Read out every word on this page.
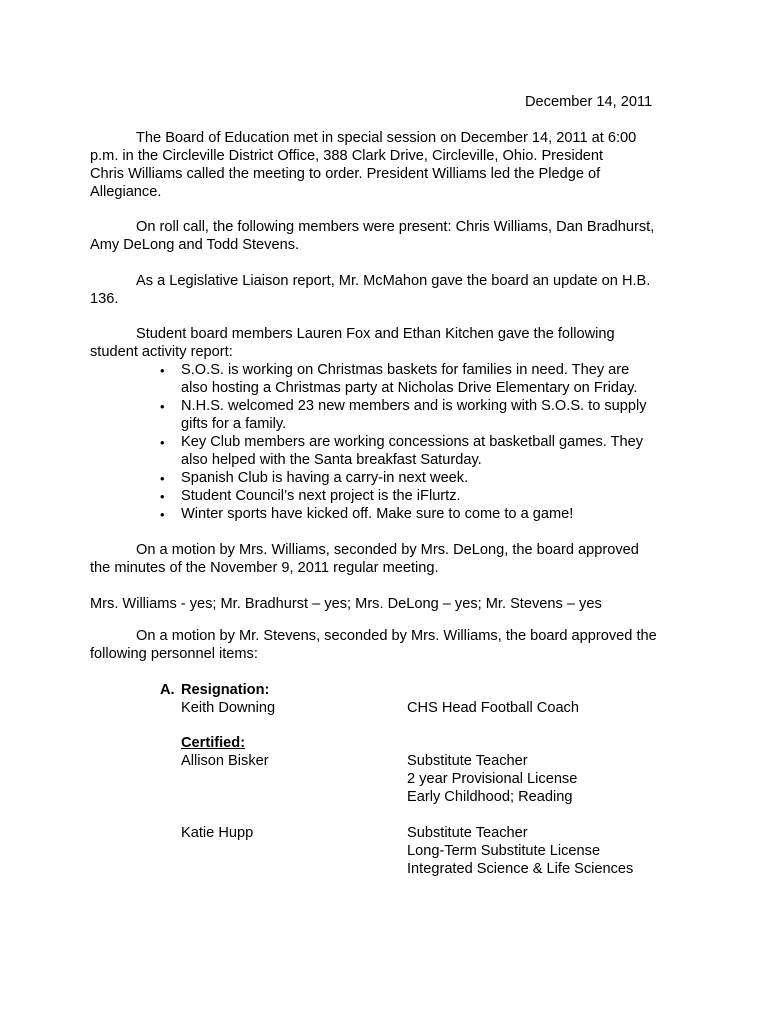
December 14, 2011
The Board of Education met in special session on December 14, 2011 at 6:00
p.m. in the Circleville District Office, 388 Clark Drive, Circleville, Ohio. President
Chris Williams called the meeting to order. President Williams led the Pledge of
Allegiance.
On roll call, the following members were present: Chris Williams, Dan Bradhurst,
Amy DeLong and Todd Stevens.
As a Legislative Liaison report, Mr. McMahon gave the board an update on H.B.
136.
Student board members Lauren Fox and Ethan Kitchen gave the following
student activity report:
• S.O.S. is working on Christmas baskets for families in need. They are
also hosting a Christmas party at Nicholas Drive Elementary on Friday.
• N.H.S. welcomed 23 new members and is working with S.O.S. to supply
gifts for a family.
• Key Club members are working concessions at basketball games. They
also helped with the Santa breakfast Saturday.
• Spanish Club is having a carry-in next week.
• Student Council’s next project is the iFlurtz.
• Winter sports have kicked off. Make sure to come to a game!
On a motion by Mrs. Williams, seconded by Mrs. DeLong, the board approved
the minutes of the November 9, 2011 regular meeting.
Mrs. Williams - yes; Mr. Bradhurst – yes; Mrs. DeLong – yes; Mr. Stevens – yes
On a motion by Mr. Stevens, seconded by Mrs. Williams, the board approved the
following personnel items:
A. Resignation:
Keith Downing	CHS Head Football Coach
Certified:
Allison Bisker	Substitute Teacher
2 year Provisional License
Early Childhood; Reading
Katie Hupp	Substitute Teacher
Long-Term Substitute License
Integrated Science & Life Sciences
